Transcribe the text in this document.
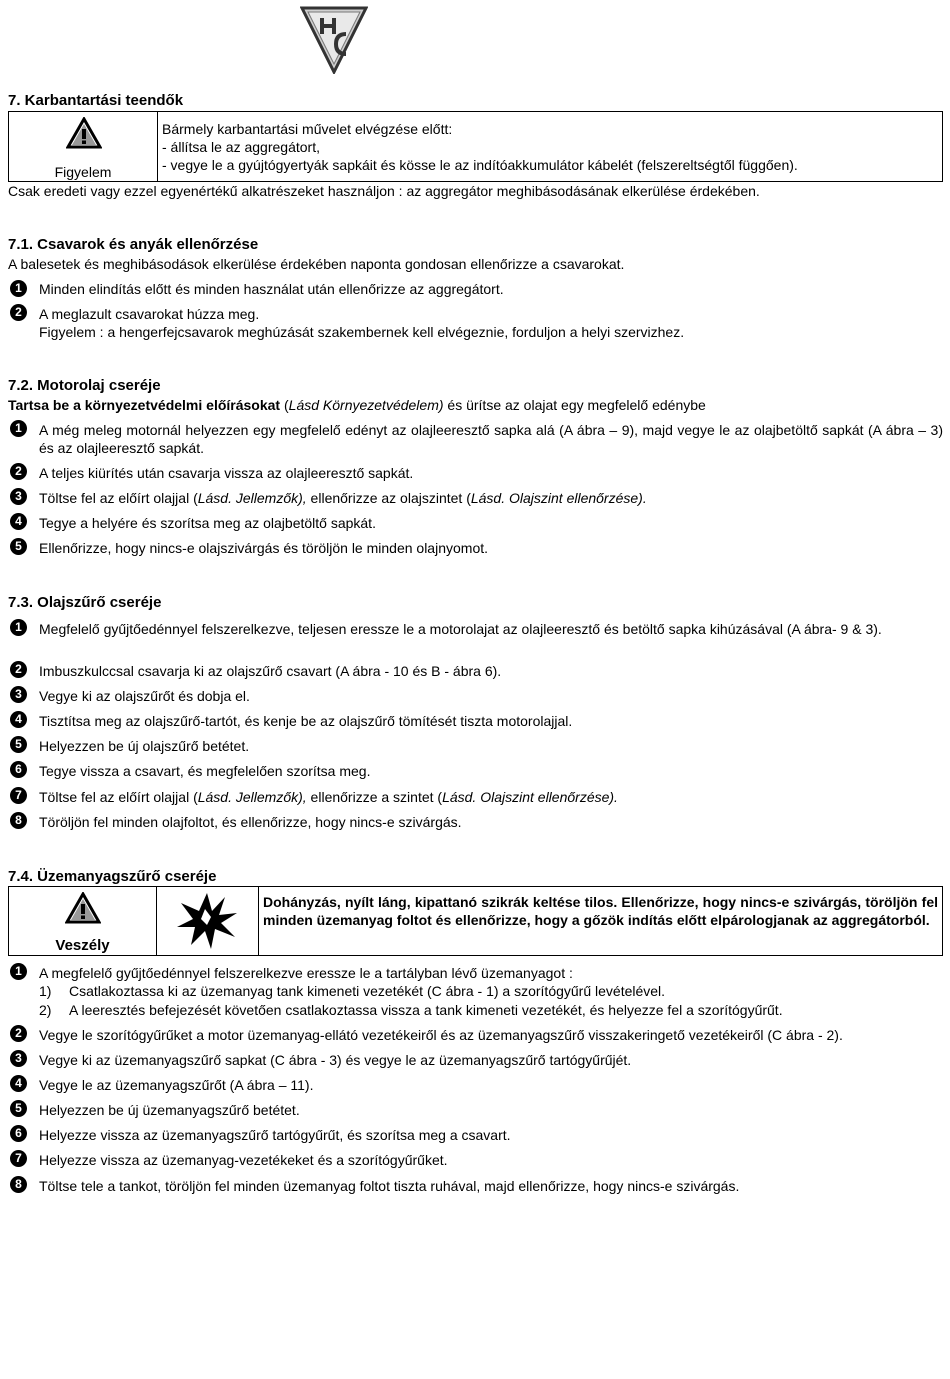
7. Karbantartási teendők
Figyelem

Bármely karbantartási művelet elvégzése előtt:
- állítsa le az aggregátort,
- vegye le a gyújtógyertyák sapkáit és kösse le az indítóakkumulátor kábelét (felszereltségtől függően).
Csak eredeti vagy ezzel egyenértékű alkatrészeket használjon : az aggregátor meghibásodásának elkerülése érdekében.
7.1. Csavarok és anyák ellenőrzése
A balesetek és meghibásodások elkerülése érdekében naponta gondosan ellenőrizze a csavarokat.
1	Minden elindítás előtt és minden használat után ellenőrizze az aggregátort.
2	A meglazult csavarokat húzza meg.
Figyelem : a hengerfejcsavarok meghúzását szakembernek kell elvégeznie, forduljon a helyi szervizhez.
7.2. Motorolaj cseréje
Tartsa be a környezetvédelmi előírásokat (Lásd Környezetvédelem) és ürítse az olajat egy megfelelő edénybe
1	A még meleg motornál helyezzen egy megfelelő edényt az olajleeresztő sapka alá (A ábra – 9), majd vegye le az olajbetöltő sapkát (A ábra – 3) és az olajleeresztő sapkát.
2	A teljes kiürítés után csavarja vissza az olajleeresztő sapkát.
3	Töltse fel az előírt olajjal (Lásd. Jellemzők), ellenőrizze az olajszintet (Lásd. Olajszint ellenőrzése).
4	Tegye a helyére és szorítsa meg az olajbetöltő sapkát.
5	Ellenőrizze, hogy nincs-e olajszivárgás és töröljön le minden olajnyomot.
7.3. Olajszűrő cseréje
1	Megfelelő gyűjtőedénnyel felszerelkezve, teljesen eressze le a motorolajat az olajleeresztő és betöltő sapka kihúzásával (A ábra- 9 & 3).
2	Imbuszkulccsal csavarja ki az olajszűrő csavart (A ábra - 10 és B - ábra 6).
3	Vegye ki az olajszűrőt és dobja el.
4	Tisztítsa meg az olajszűrő-tartót, és kenje be az olajszűrő tömítését tiszta motorolajjal.
5	Helyezzen be új olajszűrő betétet.
6	Tegye vissza a csavart, és megfelelően szorítsa meg.
7	Töltse fel az előírt olajjal (Lásd. Jellemzők), ellenőrizze a szintet (Lásd. Olajszint ellenőrzése).
8	Töröljön fel minden olajfoltot, és ellenőrizze, hogy nincs-e szivárgás.
7.4. Üzemanyagszűrő cseréje
Veszély

Dohányzás, nyílt láng, kipattanó szikrák keltése tilos. Ellenőrizze, hogy nincs-e szivárgás, töröljön fel minden üzemanyag foltot és ellenőrizze, hogy a gőzök indítás előtt elpárologjanak az aggregátorból.
1	A megfelelő gyűjtőedénnyel felszerelkezve eressze le a tartályban lévő üzemanyagot :
1) Csatlakoztassa ki az üzemanyag tank kimeneti vezetékét (C ábra - 1) a szorítógyűrű levételével.
2) A leeresztés befejezését követően csatlakoztassa vissza a tank kimeneti vezetékét, és helyezze fel a szorítógyűrűt.
2	Vegye le szorítógyűrűket a motor üzemanyag-ellátó vezetékeiről és az üzemanyagszűrő visszakeringető vezetékeiről (C ábra - 2).
3	Vegye ki az üzemanyagszűrő sapkat (C ábra - 3) és vegye le az üzemanyagszűrő tartógyűrűjét.
4	Vegye le az üzemanyagszűrőt (A ábra – 11).
5	Helyezzen be új üzemanyagszűrő betétet.
6	Helyezze vissza az üzemanyagszűrő tartógyűrűt, és szorítsa meg a csavart.
7	Helyezze vissza az üzemanyag-vezetékeket és a szorítógyűrűket.
8	Töltse tele a tankot, töröljön fel minden üzemanyag foltot tiszta ruhával, majd ellenőrizze, hogy nincs-e szivárgás.
